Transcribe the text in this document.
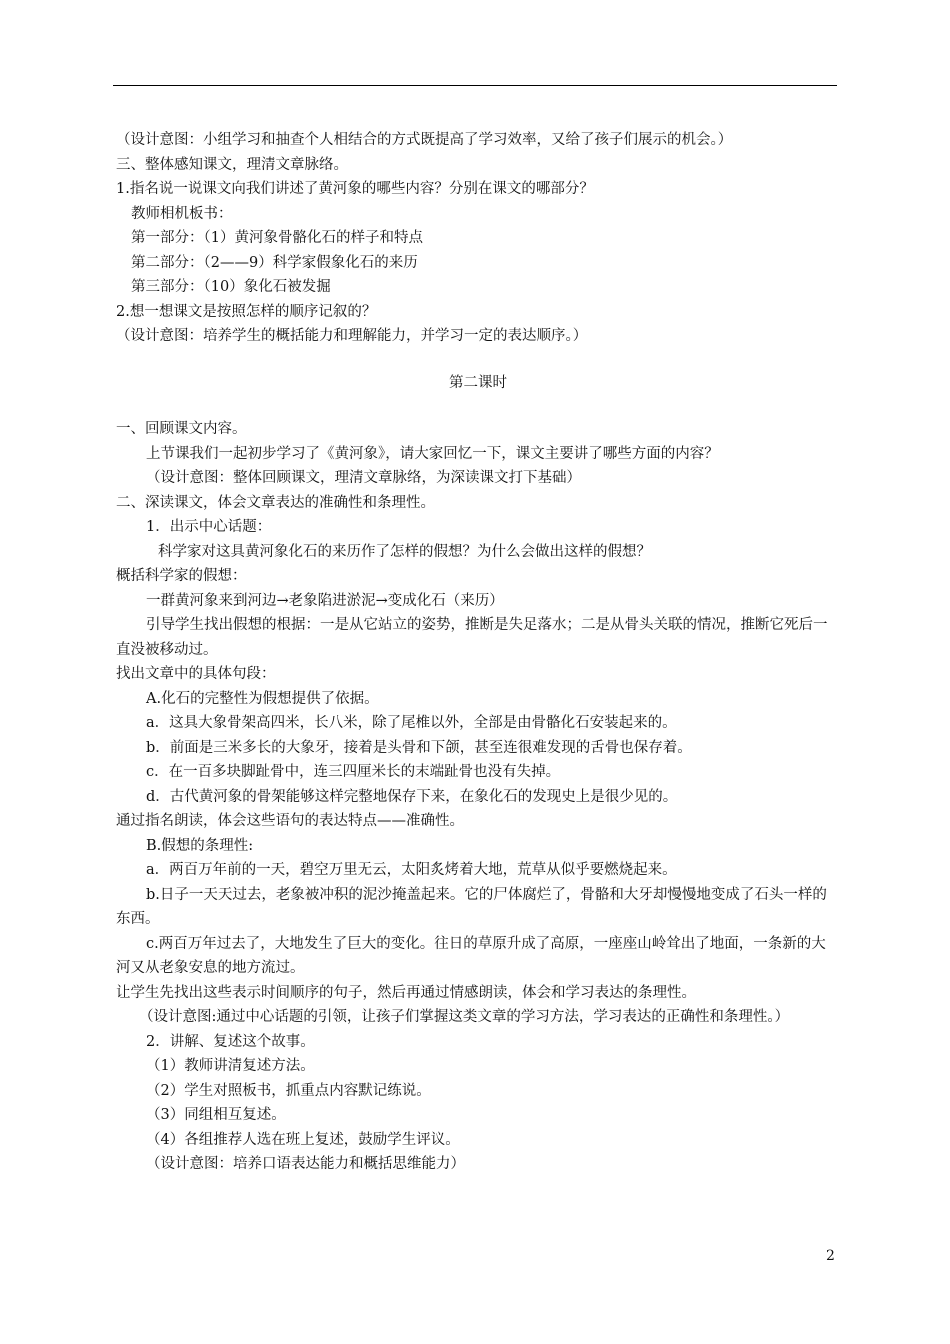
（设计意图：小组学习和抽查个人相结合的方式既提高了学习效率，又给了孩子们展示的机会。）
三、整体感知课文，理清文章脉络。
1.指名说一说课文向我们讲述了黄河象的哪些内容？分别在课文的哪部分？
教师相机板书：
第一部分：（1）黄河象骨骼化石的样子和特点
第二部分：（2——9）科学家假象化石的来历
第三部分：（10）象化石被发掘
2.想一想课文是按照怎样的顺序记叙的？
（设计意图：培养学生的概括能力和理解能力，并学习一定的表达顺序。）
第二课时
一、回顾课文内容。
上节课我们一起初步学习了《黄河象》，请大家回忆一下，课文主要讲了哪些方面的内容？
（设计意图：整体回顾课文，理清文章脉络，为深读课文打下基础）
二、深读课文，体会文章表达的准确性和条理性。
1．出示中心话题：
科学家对这具黄河象化石的来历作了怎样的假想？为什么会做出这样的假想？
概括科学家的假想：
一群黄河象来到河边→老象陷进淤泥→变成化石（来历）
引导学生找出假想的根据：一是从它站立的姿势，推断是失足落水；二是从骨头关联的情况，推断它死后一直没被移动过。
找出文章中的具体句段：
A.化石的完整性为假想提供了依据。
a．这具大象骨架高四米，长八米，除了尾椎以外，全部是由骨骼化石安装起来的。
b．前面是三米多长的大象牙，接着是头骨和下颌，甚至连很难发现的舌骨也保存着。
c．在一百多块脚趾骨中，连三四厘米长的末端趾骨也没有失掉。
d．古代黄河象的骨架能够这样完整地保存下来，在象化石的发现史上是很少见的。
通过指名朗读，体会这些语句的表达特点——准确性。
B.假想的条理性:
a．两百万年前的一天，碧空万里无云，太阳炙烤着大地，荒草从似乎要燃烧起来。
b.日子一天天过去，老象被冲积的泥沙掩盖起来。它的尸体腐烂了，骨骼和大牙却慢慢地变成了石头一样的东西。
c.两百万年过去了，大地发生了巨大的变化。往日的草原升成了高原，一座座山岭耸出了地面，一条新的大河又从老象安息的地方流过。
让学生先找出这些表示时间顺序的句子，然后再通过情感朗读，体会和学习表达的条理性。
（设计意图:通过中心话题的引领，让孩子们掌握这类文章的学习方法，学习表达的正确性和条理性。）
2．讲解、复述这个故事。
（1）教师讲清复述方法。
（2）学生对照板书，抓重点内容默记练说。
（3）同组相互复述。
（4）各组推荐人选在班上复述，鼓励学生评议。
（设计意图：培养口语表达能力和概括思维能力）
2
